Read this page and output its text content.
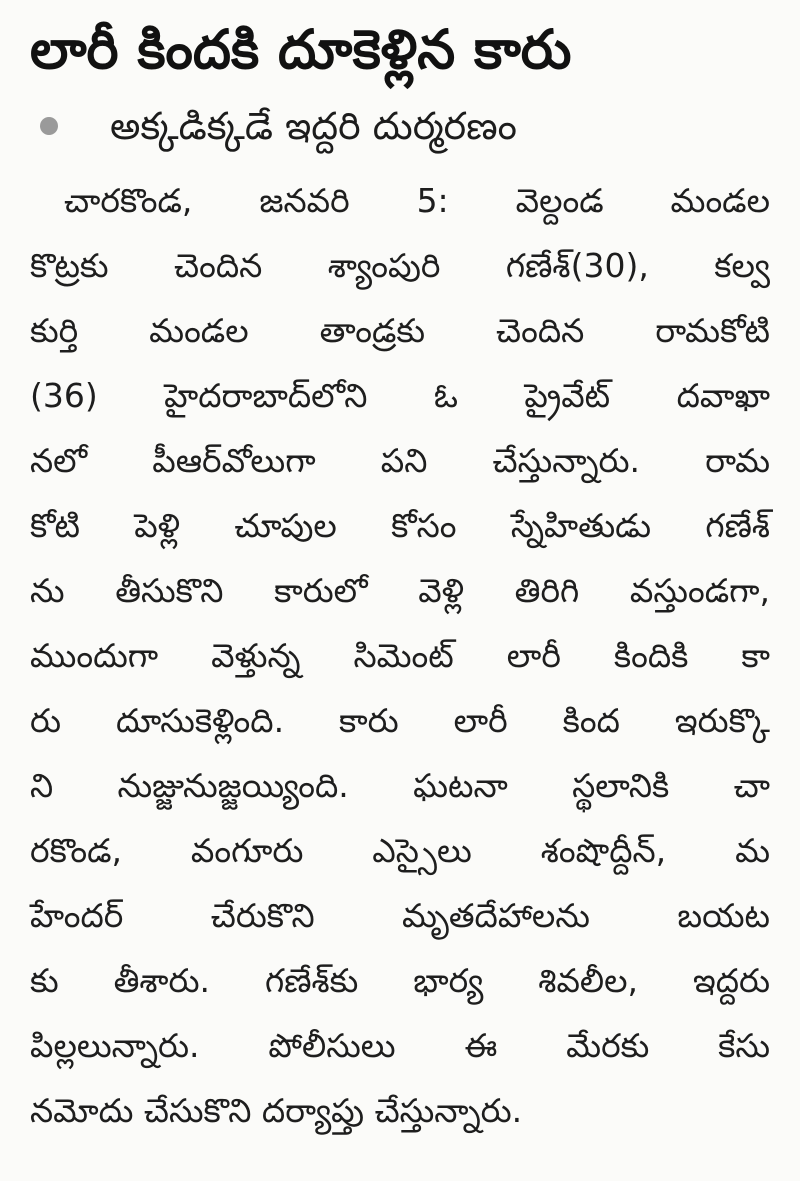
లారీ కిందకి దూకెళ్లిన కారు
అక్కడిక్కడే ఇద్దరి దుర్మరణం
చారకొండ, జనవరి 5: వెల్దండ మండల
కొట్రకు చెందిన శ్యాంపురి గణేశ్(30), కల్వ
కుర్తి మండల తాండ్రకు చెందిన రామకోటి
(36) హైదరాబాద్‌లోని ఓ ప్రైవేట్ దవాఖా
నలో పీఆర్‌వోలుగా పని చేస్తున్నారు. రామ
కోటి పెళ్లి చూపుల కోసం స్నేహితుడు గణేశ్
ను తీసుకొని కారులో వెళ్లి తిరిగి వస్తుండగా,
ముందుగా వెళ్తున్న సిమెంట్ లారీ కిందికి కా
రు దూసుకెళ్లింది. కారు లారీ కింద ఇరుక్కొ
ని నుజ్జునుజ్జయ్యింది. ఘటనా స్థలానికి చా
రకొండ, వంగూరు ఎస్సైలు శంషొద్దీన్, మ
హేందర్ చేరుకొని మృతదేహాలను బయట
కు తీశారు. గణేశ్‌కు భార్య శివలీల, ఇద్దరు
పిల్లలున్నారు. పోలీసులు ఈ మేరకు కేసు
నమోదు చేసుకొని దర్యాప్తు చేస్తున్నారు.
